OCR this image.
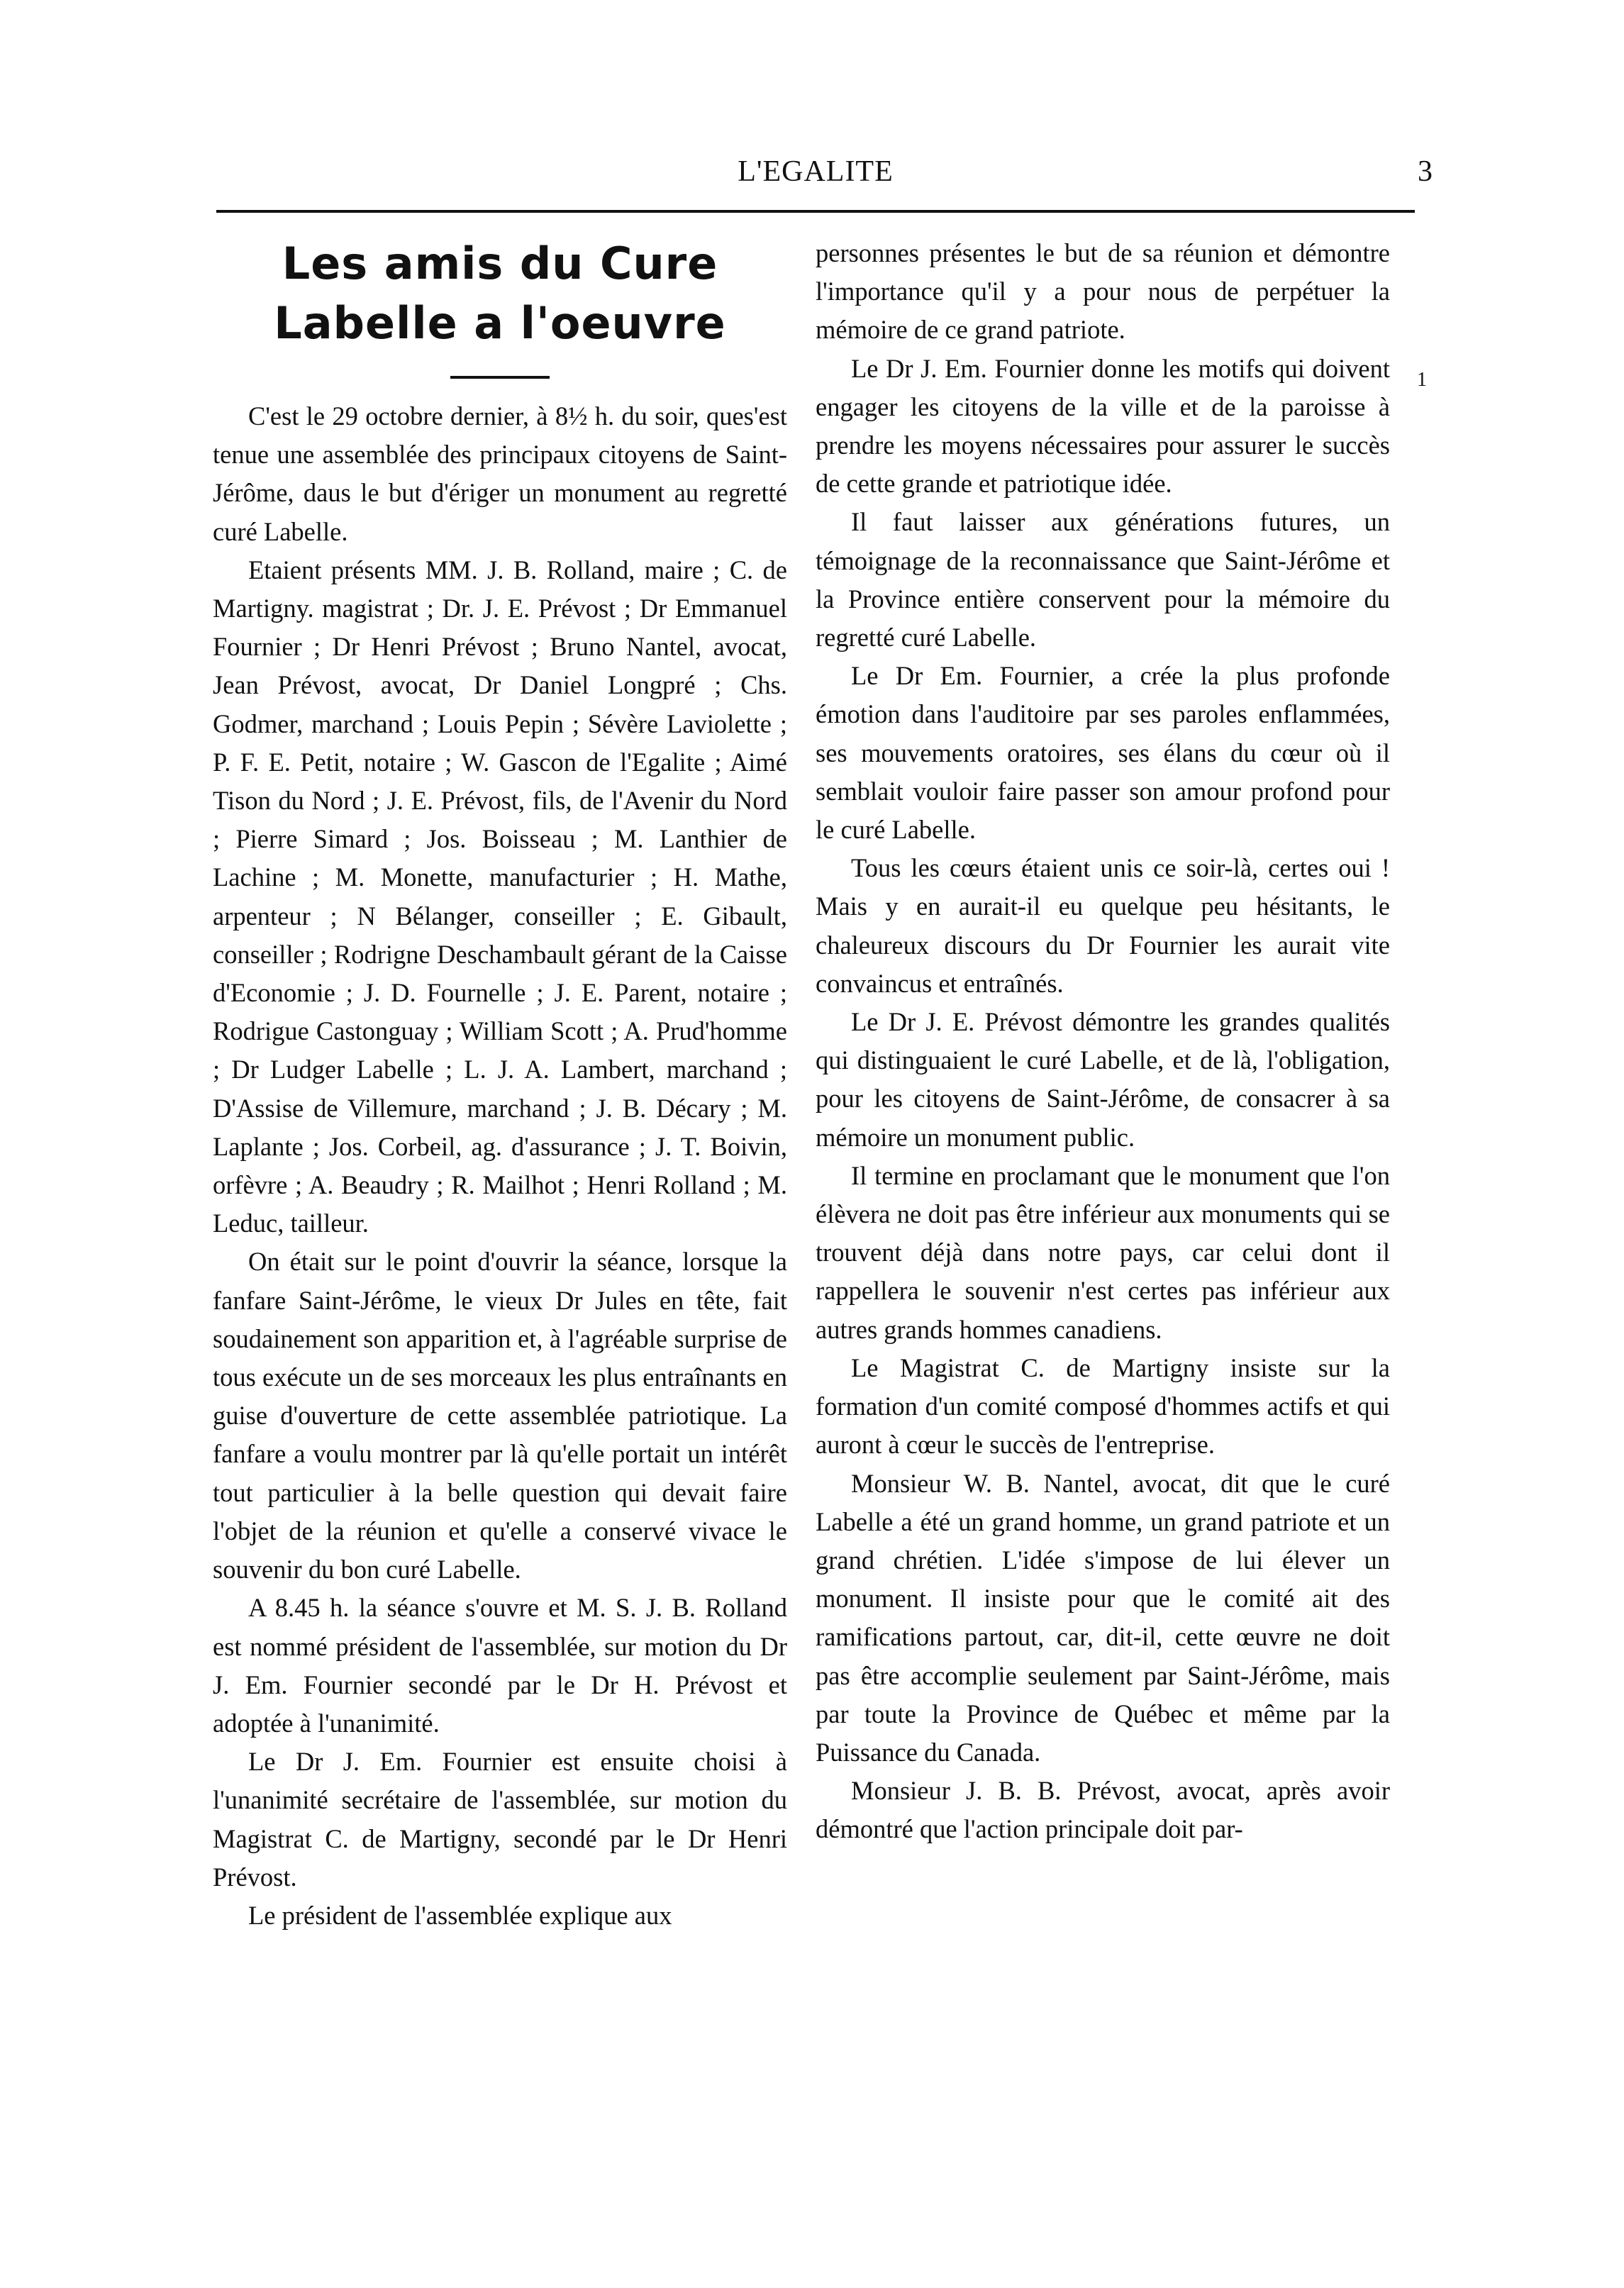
L'EGALITE	3
Les amis du Cure Labelle a l'oeuvre

C'est le 29 octobre dernier, à 8½ h. du soir, ques'est tenue une assemblée des principaux citoyens de Saint-Jérôme, daus le but d'ériger un monument au regretté curé Labelle.

Etaient présents MM. J. B. Rolland, maire ; C. de Martigny. magistrat ; Dr. J. E. Prévost ; Dr Emmanuel Fournier ; Dr Henri Prévost ; Bruno Nantel, avocat, Jean Prévost, avocat, Dr Daniel Longpré ; Chs. Godmer, marchand ; Louis Pepin ; Sévère Laviolette ; P. F. E. Petit, notaire ; W. Gascon de l'Egalite ; Aimé Tison du Nord ; J. E. Prévost, fils, de l'Avenir du Nord ; Pierre Simard ; Jos. Boisseau ; M. Lanthier de Lachine ; M. Monette, manufacturier ; H. Mathe, arpenteur ; N Bélanger, conseiller ; E. Gibault, conseiller ; Rodrigne Deschambault gérant de la Caisse d'Economie ; J. D. Fournelle ; J. E. Parent, notaire ; Rodrigue Castonguay ; William Scott ; A. Prud'homme ; Dr Ludger Labelle ; L. J. A. Lambert, marchand ; D'Assise de Villemure, marchand ; J. B. Décary ; M. Laplante ; Jos. Corbeil, ag. d'assurance ; J. T. Boivin, orfèvre ; A. Beaudry ; R. Mailhot ; Henri Rolland ; M. Leduc, tailleur.

On était sur le point d'ouvrir la séance, lorsque la fanfare Saint-Jérôme, le vieux Dr Jules en tête, fait soudainement son apparition et, à l'agréable surprise de tous exécute un de ses morceaux les plus entraînants en guise d'ouverture de cette assemblée patriotique. La fanfare a voulu montrer par là qu'elle portait un intérêt tout particulier à la belle question qui devait faire l'objet de la réunion et qu'elle a conservé vivace le souvenir du bon curé Labelle.

A 8.45 h. la séance s'ouvre et M. S. J. B. Rolland est nommé président de l'assemblée, sur motion du Dr J. Em. Fournier secondé par le Dr H. Prévost et adoptée à l'unanimité.

Le Dr J. Em. Fournier est ensuite choisi à l'unanimité secrétaire de l'assemblée, sur motion du Magistrat C. de Martigny, secondé par le Dr Henri Prévost.

Le président de l'assemblée explique aux

personnes présentes le but de sa réunion et démontre l'importance qu'il y a pour nous de perpétuer la mémoire de ce grand patriote.

Le Dr J. Em. Fournier donne les motifs qui doivent engager les citoyens de la ville et de la paroisse à prendre les moyens nécessaires pour assurer le succès de cette grande et patriotique idée.

Il faut laisser aux générations futures, un témoignage de la reconnaissance que Saint-Jérôme et la Province entière conservent pour la mémoire du regretté curé Labelle.

Le Dr Em. Fournier, a crée la plus profonde émotion dans l'auditoire par ses paroles enflammées, ses mouvements oratoires, ses élans du cœur où il semblait vouloir faire passer son amour profond pour le curé Labelle.

Tous les cœurs étaient unis ce soir-là, certes oui ! Mais y en aurait-il eu quelque peu hésitants, le chaleureux discours du Dr Fournier les aurait vite convaincus et entraînés.

Le Dr J. E. Prévost démontre les grandes qualités qui distinguaient le curé Labelle, et de là, l'obligation, pour les citoyens de Saint-Jérôme, de consacrer à sa mémoire un monument public.

Il termine en proclamant que le monument que l'on élèvera ne doit pas être inférieur aux monuments qui se trouvent déjà dans notre pays, car celui dont il rappellera le souvenir n'est certes pas inférieur aux autres grands hommes canadiens.

Le Magistrat C. de Martigny insiste sur la formation d'un comité composé d'hommes actifs et qui auront à cœur le succès de l'entreprise.

Monsieur W. B. Nantel, avocat, dit que le curé Labelle a été un grand homme, un grand patriote et un grand chrétien. L'idée s'impose de lui élever un monument. Il insiste pour que le comité ait des ramifications partout, car, dit-il, cette œuvre ne doit pas être accomplie seulement par Saint-Jérôme, mais par toute la Province de Québec et même par la Puissance du Canada.

Monsieur J. B. B. Prévost, avocat, après avoir démontré que l'action principale doit par-

1
